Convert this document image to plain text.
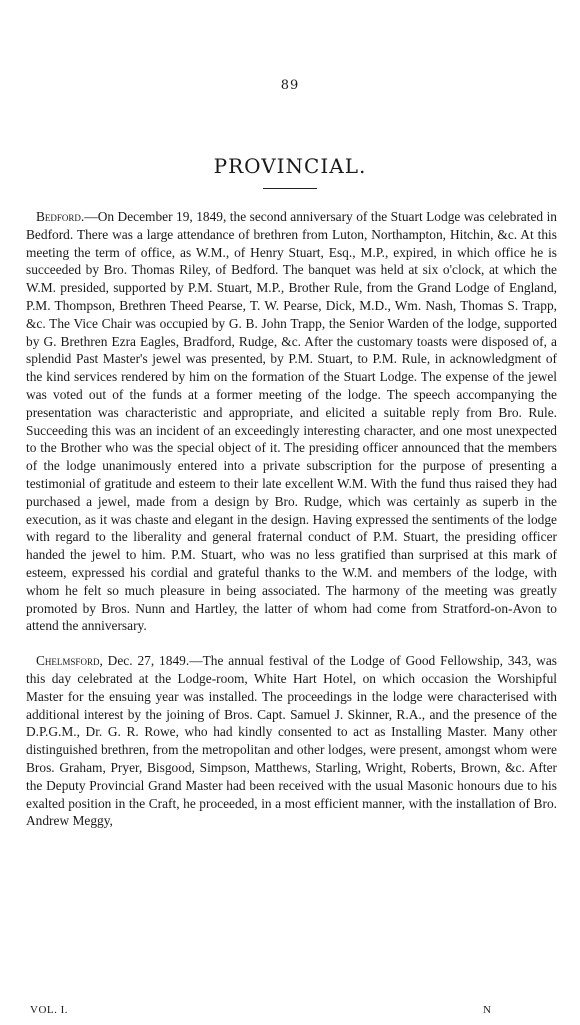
89
PROVINCIAL.

Bedford.—On December 19, 1849, the second anniversary of the Stuart Lodge was celebrated in Bedford. There was a large attendance of brethren from Luton, Northampton, Hitchin, &c. At this meeting the term of office, as W.M., of Henry Stuart, Esq., M.P., expired, in which office he is succeeded by Bro. Thomas Riley, of Bedford. The banquet was held at six o'clock, at which the W.M. presided, supported by P.M. Stuart, M.P., Brother Rule, from the Grand Lodge of England, P.M. Thompson, Brethren Theed Pearse, T. W. Pearse, Dick, M.D., Wm. Nash, Thomas S. Trapp, &c. The Vice Chair was occupied by G. B. John Trapp, the Senior Warden of the lodge, supported by G. Brethren Ezra Eagles, Bradford, Rudge, &c. After the customary toasts were disposed of, a splendid Past Master's jewel was presented, by P.M. Stuart, to P.M. Rule, in acknowledgment of the kind services rendered by him on the formation of the Stuart Lodge. The expense of the jewel was voted out of the funds at a former meeting of the lodge. The speech accompanying the presentation was characteristic and appropriate, and elicited a suitable reply from Bro. Rule. Succeeding this was an incident of an exceedingly interesting character, and one most unexpected to the Brother who was the special object of it. The presiding officer announced that the members of the lodge unanimously entered into a private subscription for the purpose of presenting a testimonial of gratitude and esteem to their late excellent W.M. With the fund thus raised they had purchased a jewel, made from a design by Bro. Rudge, which was certainly as superb in the execution, as it was chaste and elegant in the design. Having expressed the sentiments of the lodge with regard to the liberality and general fraternal conduct of P.M. Stuart, the presiding officer handed the jewel to him. P.M. Stuart, who was no less gratified than surprised at this mark of esteem, expressed his cordial and grateful thanks to the W.M. and members of the lodge, with whom he felt so much pleasure in being associated. The harmony of the meeting was greatly promoted by Bros. Nunn and Hartley, the latter of whom had come from Stratford-on-Avon to attend the anniversary.

Chelmsford, Dec. 27, 1849.—The annual festival of the Lodge of Good Fellowship, 343, was this day celebrated at the Lodge-room, White Hart Hotel, on which occasion the Worshipful Master for the ensuing year was installed. The proceedings in the lodge were characterised with additional interest by the joining of Bros. Capt. Samuel J. Skinner, R.A., and the presence of the D.P.G.M., Dr. G. R. Rowe, who had kindly consented to act as Installing Master. Many other distinguished brethren, from the metropolitan and other lodges, were present, amongst whom were Bros. Graham, Pryer, Bisgood, Simpson, Matthews, Starling, Wright, Roberts, Brown, &c. After the Deputy Provincial Grand Master had been received with the usual Masonic honours due to his exalted position in the Craft, he proceeded, in a most efficient manner, with the installation of Bro. Andrew Meggy,

VOL. I.	N
